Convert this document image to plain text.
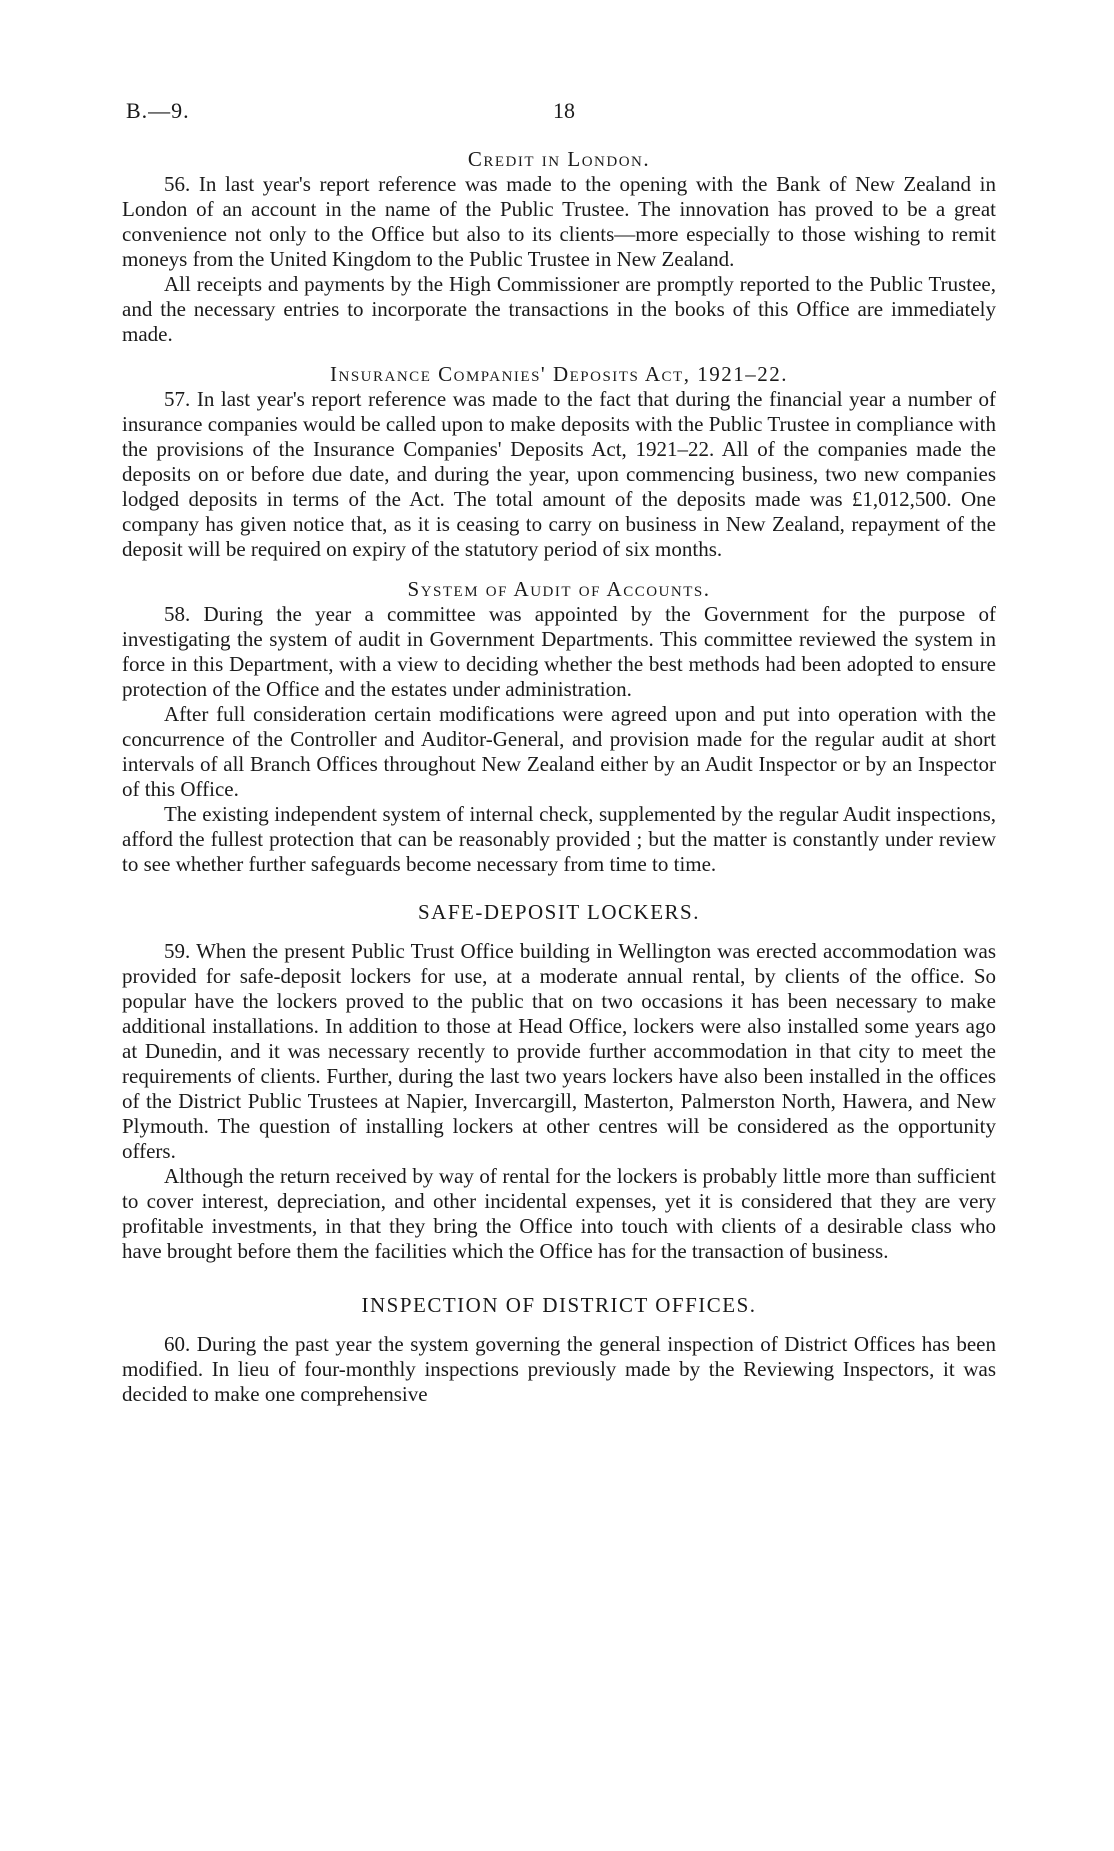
B.—9.	18
Credit in London.

56. In last year's report reference was made to the opening with the Bank of New Zealand in London of an account in the name of the Public Trustee. The innovation has proved to be a great convenience not only to the Office but also to its clients—more especially to those wishing to remit moneys from the United Kingdom to the Public Trustee in New Zealand.

All receipts and payments by the High Commissioner are promptly reported to the Public Trustee, and the necessary entries to incorporate the transactions in the books of this Office are immediately made.

Insurance Companies' Deposits Act, 1921–22.

57. In last year's report reference was made to the fact that during the financial year a number of insurance companies would be called upon to make deposits with the Public Trustee in compliance with the provisions of the Insurance Companies' Deposits Act, 1921–22. All of the companies made the deposits on or before due date, and during the year, upon commencing business, two new companies lodged deposits in terms of the Act. The total amount of the deposits made was £1,012,500. One company has given notice that, as it is ceasing to carry on business in New Zealand, repayment of the deposit will be required on expiry of the statutory period of six months.

System of Audit of Accounts.

58. During the year a committee was appointed by the Government for the purpose of investigating the system of audit in Government Departments. This committee reviewed the system in force in this Department, with a view to deciding whether the best methods had been adopted to ensure protection of the Office and the estates under administration.

After full consideration certain modifications were agreed upon and put into operation with the concurrence of the Controller and Auditor-General, and provision made for the regular audit at short intervals of all Branch Offices throughout New Zealand either by an Audit Inspector or by an Inspector of this Office.

The existing independent system of internal check, supplemented by the regular Audit inspections, afford the fullest protection that can be reasonably provided ; but the matter is constantly under review to see whether further safeguards become necessary from time to time.

SAFE-DEPOSIT LOCKERS.

59. When the present Public Trust Office building in Wellington was erected accommodation was provided for safe-deposit lockers for use, at a moderate annual rental, by clients of the office. So popular have the lockers proved to the public that on two occasions it has been necessary to make additional installations. In addition to those at Head Office, lockers were also installed some years ago at Dunedin, and it was necessary recently to provide further accommodation in that city to meet the requirements of clients. Further, during the last two years lockers have also been installed in the offices of the District Public Trustees at Napier, Invercargill, Masterton, Palmerston North, Hawera, and New Plymouth. The question of installing lockers at other centres will be considered as the opportunity offers.

Although the return received by way of rental for the lockers is probably little more than sufficient to cover interest, depreciation, and other incidental expenses, yet it is considered that they are very profitable investments, in that they bring the Office into touch with clients of a desirable class who have brought before them the facilities which the Office has for the transaction of business.

INSPECTION OF DISTRICT OFFICES.

60. During the past year the system governing the general inspection of District Offices has been modified. In lieu of four-monthly inspections previously made by the Reviewing Inspectors, it was decided to make one comprehensive
